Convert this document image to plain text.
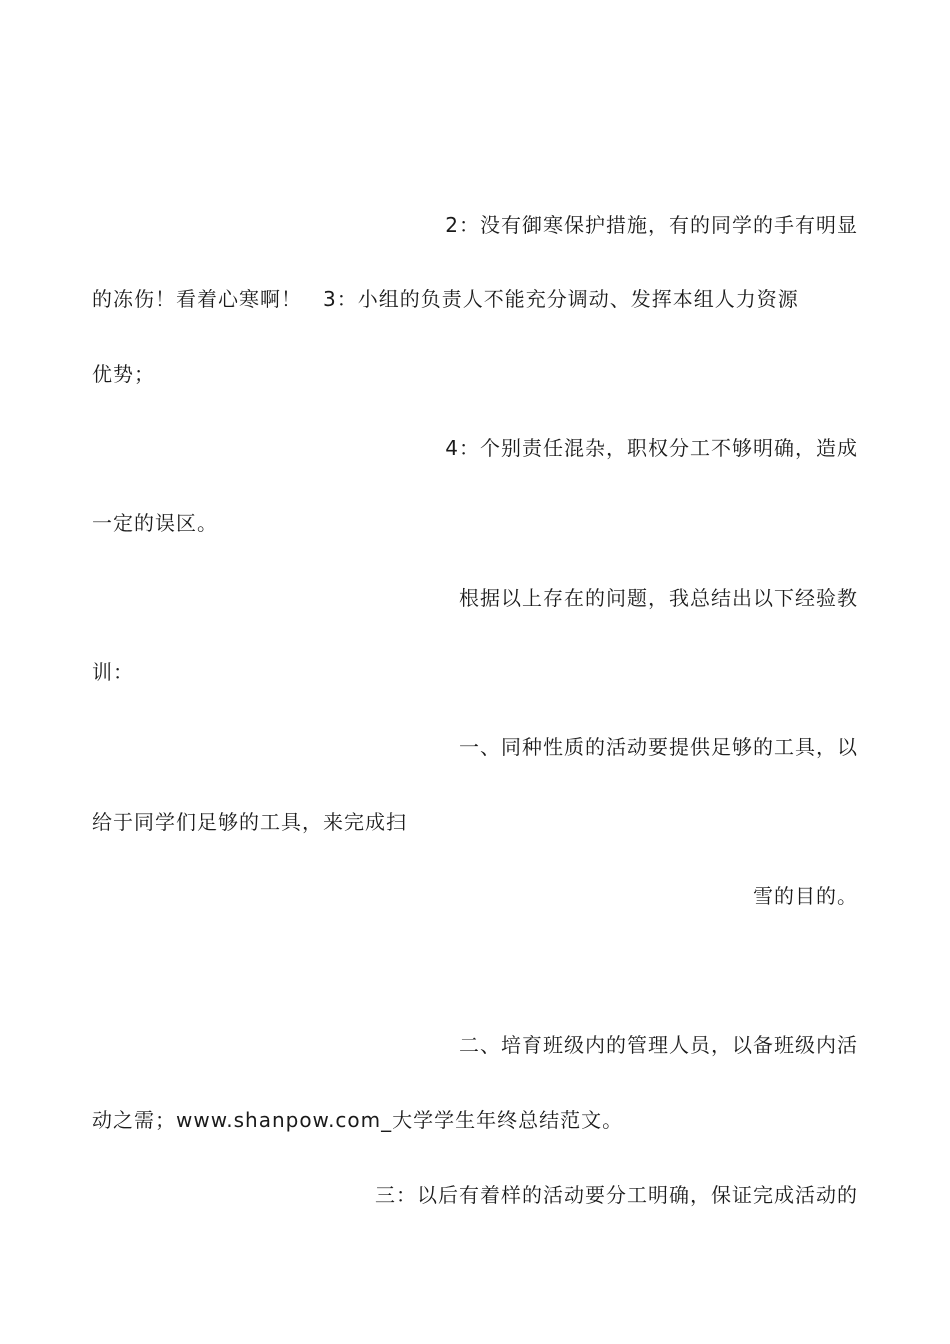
2：没有御寒保护措施，有的同学的手有明显
的冻伤！看着心寒啊！　3：小组的负责人不能充分调动、发挥本组人力资源
优势；
4：个别责任混杂，职权分工不够明确，造成
一定的误区。
根据以上存在的问题，我总结出以下经验教
训：
一、同种性质的活动要提供足够的工具，以
给于同学们足够的工具，来完成扫
雪的目的。
二、培育班级内的管理人员，以备班级内活
动之需；www.shanpow.com_大学学生年终总结范文。
三：以后有着样的活动要分工明确，保证完成活动的
